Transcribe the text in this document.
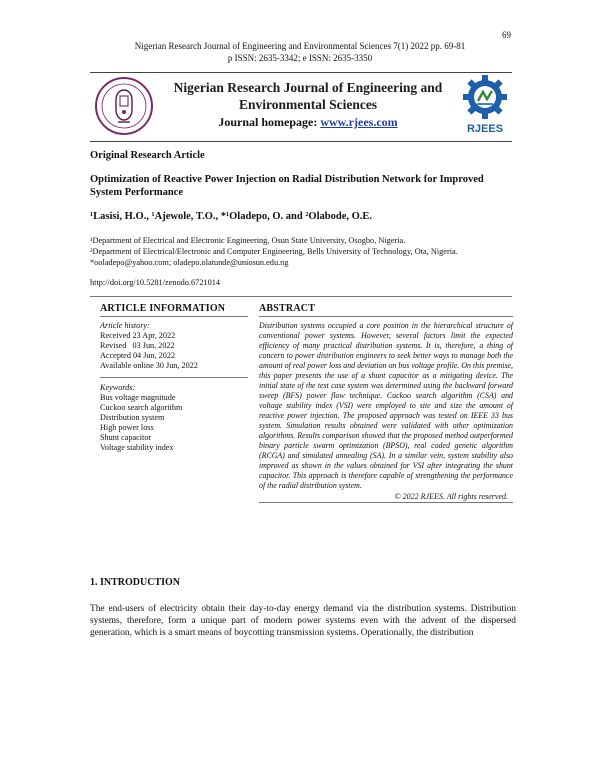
69
Nigerian Research Journal of Engineering and Environmental Sciences 7(1) 2022 pp. 69-81
p ISSN: 2635-3342; e ISSN: 2635-3350
Nigerian Research Journal of Engineering and
Environmental Sciences
Journal homepage: www.rjees.com	RJEES
Original Research Article
Optimization of Reactive Power Injection on Radial Distribution Network for Improved System Performance
¹Lasisi, H.O., ¹Ajewole, T.O., *¹Oladepo, O. and ²Olabode, O.E.
¹Department of Electrical and Electronic Engineering, Osun State University, Osogbo, Nigeria.
²Department of Electrical/Electronic and Computer Engineering, Bells University of Technology, Ota, Nigeria.
*ooladepo@yahoo.com; oladepo.olatunde@uniosun.edu.ng
http://doi.org/10.5281/zenodo.6721014
ARTICLE INFORMATION
Article history:
Received 23 Apr, 2022
Revised   03 Jun, 2022
Accepted 04 Jun, 2022
Available online 30 Jun, 2022
Keywords:
Bus voltage magnitude
Cuckoo search algorithm
Distribution system
High power loss
Shunt capacitor
Voltage stability index
ABSTRACT
Distribution systems occupied a core position in the hierarchical structure of conventional power systems. However, several factors limit the expected efficiency of many practical distribution systems. It is, therefore, a thing of concern to power distribution engineers to seek better ways to manage both the amount of real power loss and deviation on bus voltage profile. On this premise, this paper presents the use of a shunt capacitor as a mitigating device. The initial state of the test case system was determined using the backward forward sweep (BFS) power flow technique. Cuckoo search algorithm (CSA) and voltage stability index (VSI) were employed to site and size the amount of reactive power injection. The proposed approach was tested on IEEE 33 bus system. Simulation results obtained were validated with other optimization algorithms. Results comparison showed that the proposed method outperformed binary particle swarm optimization (BPSO), real coded genetic algorithm (RCGA) and simulated annealing (SA). In a similar vein, system stability also improved as shown in the values obtained for VSI after integrating the shunt capacitor. This approach is therefore capable of strengthening the performance of the radial distribution system.
© 2022 RJEES. All rights reserved.
1. INTRODUCTION
The end-users of electricity obtain their day-to-day energy demand via the distribution systems. Distribution systems, therefore, form a unique part of modern power systems even with the advent of the dispersed generation, which is a smart means of boycotting transmission systems. Operationally, the distribution
